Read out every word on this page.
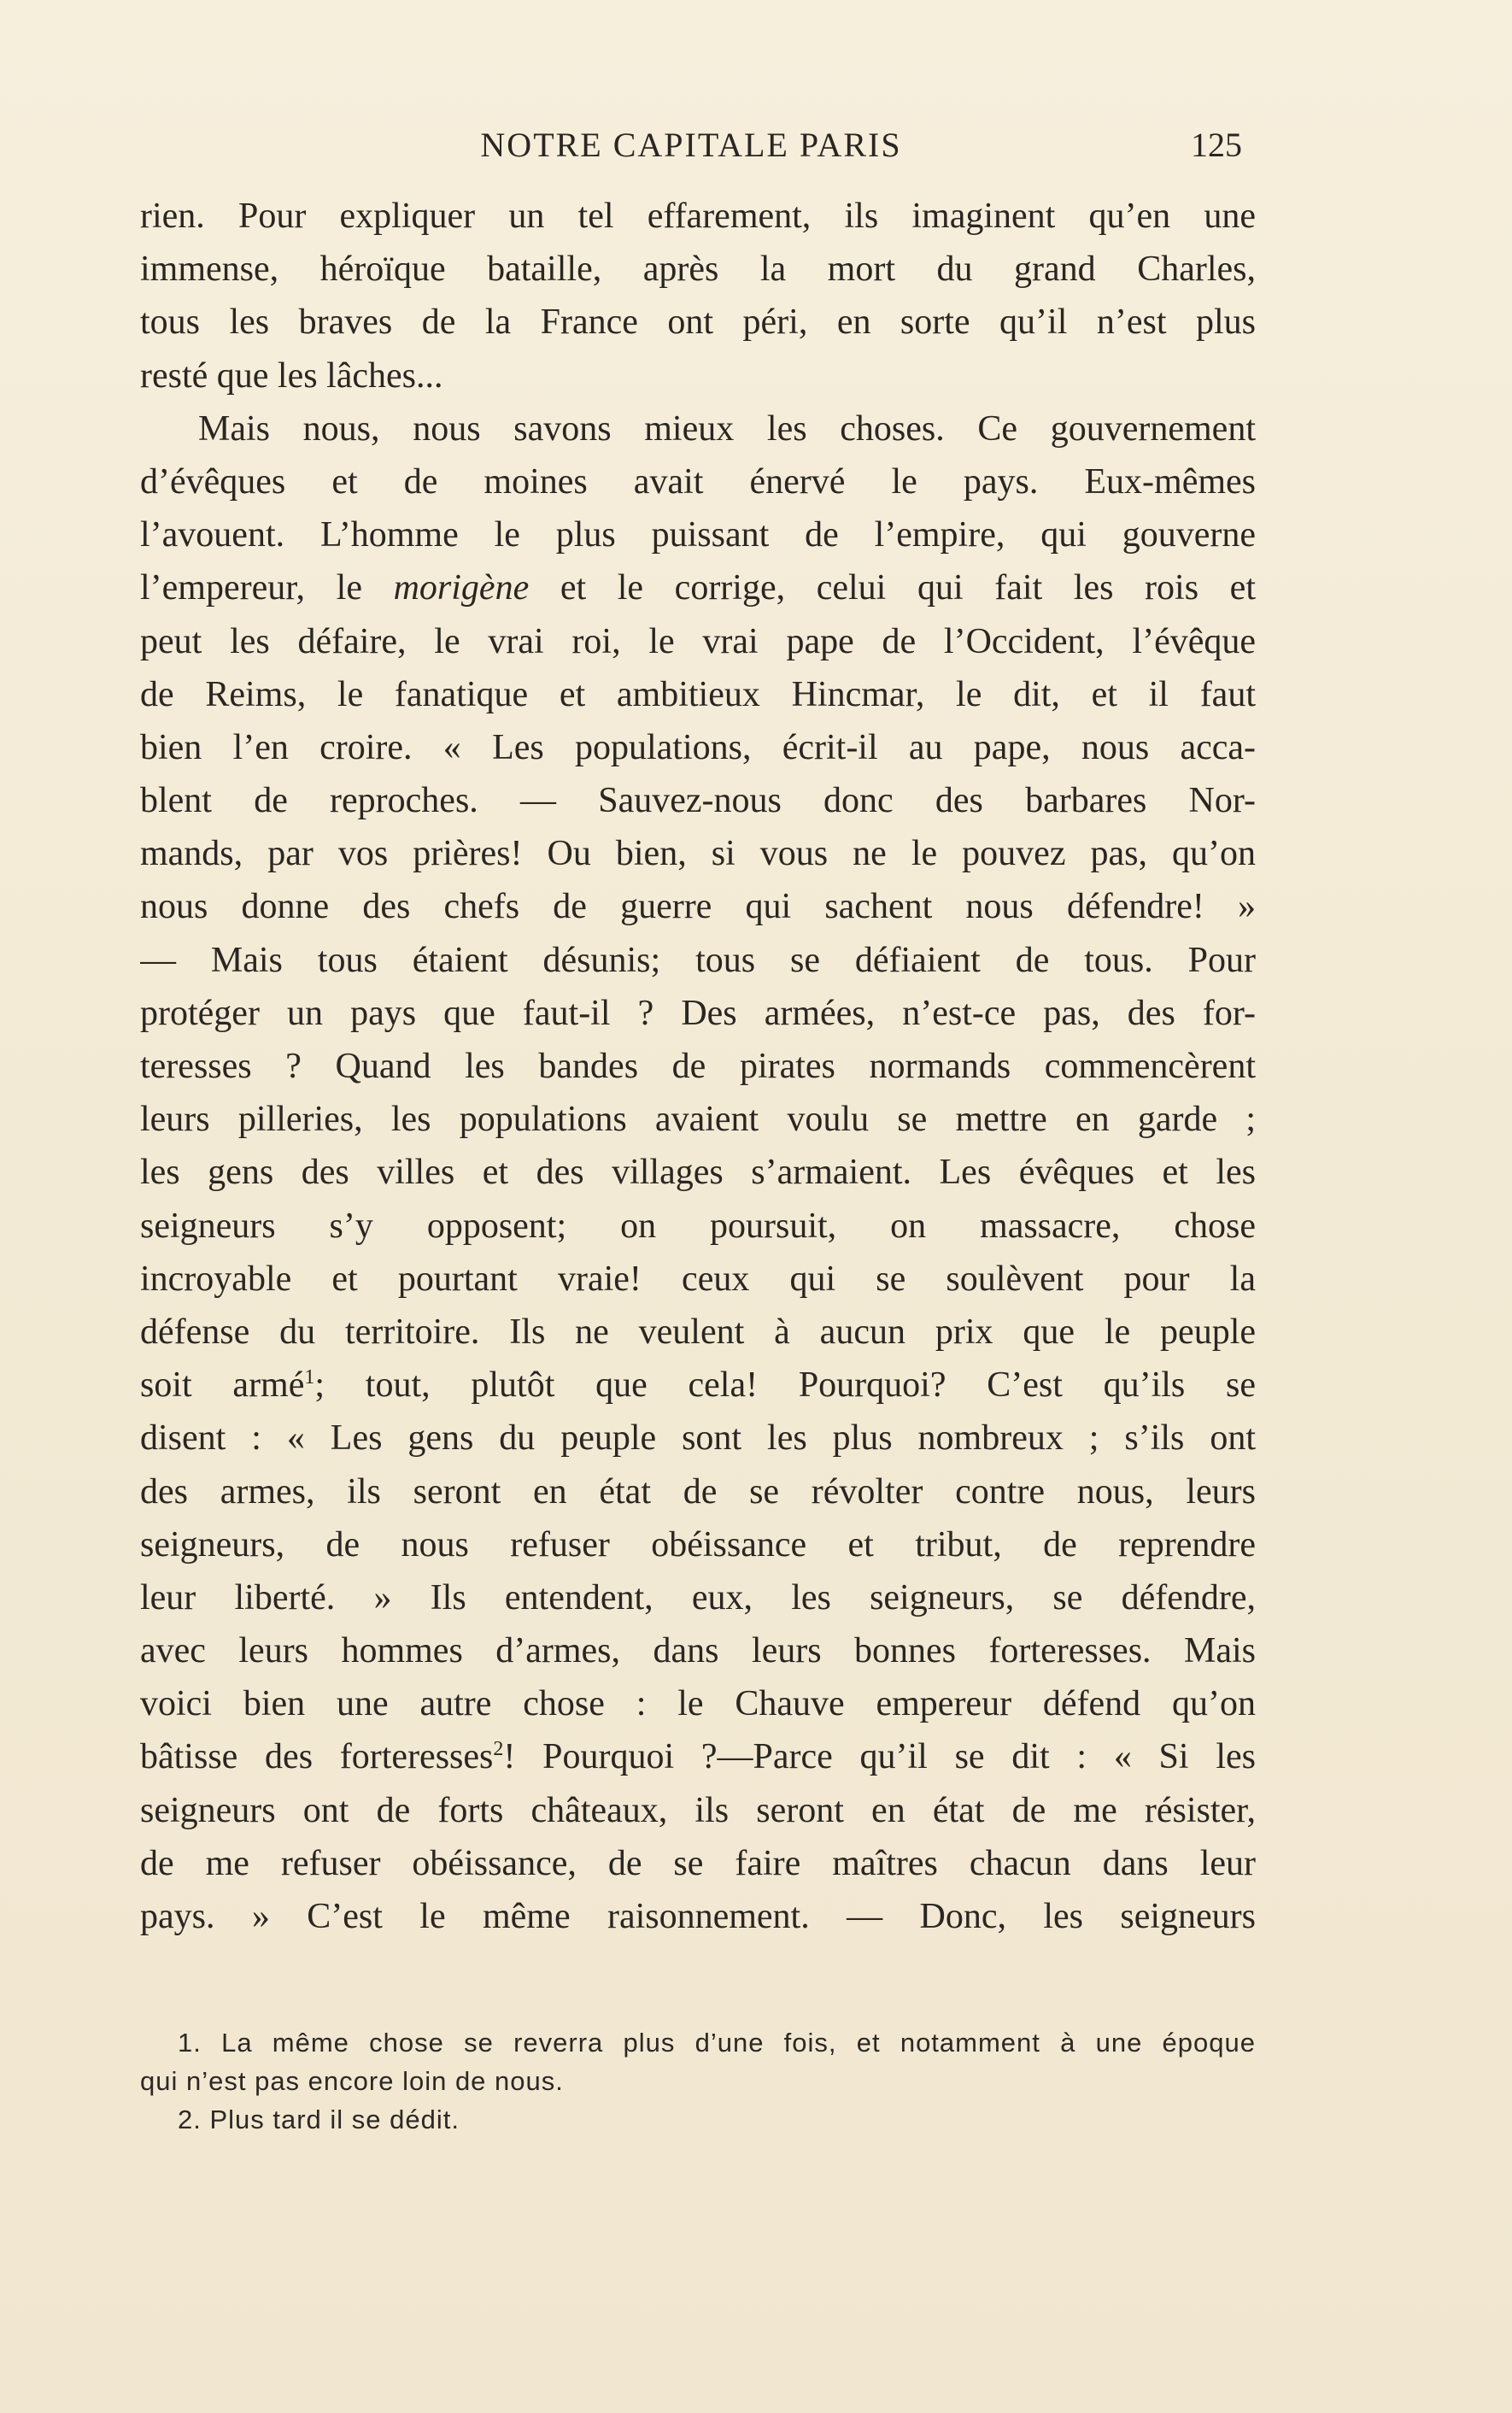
NOTRE CAPITALE PARIS	125
rien. Pour expliquer un tel effarement, ils imaginent qu’en une
immense, héroïque bataille, après la mort du grand Charles,
tous les braves de la France ont péri, en sorte qu’il n’est plus
resté que les lâches...
Mais nous, nous savons mieux les choses. Ce gouvernement
d’évêques et de moines avait énervé le pays. Eux-mêmes
l’avouent. L’homme le plus puissant de l’empire, qui gouverne
l’empereur, le morigène et le corrige, celui qui fait les rois et
peut les défaire, le vrai roi, le vrai pape de l’Occident, l’évêque
de Reims, le fanatique et ambitieux Hincmar, le dit, et il faut
bien l’en croire. « Les populations, écrit-il au pape, nous acca-
blent de reproches. — Sauvez-nous donc des barbares Nor-
mands, par vos prières! Ou bien, si vous ne le pouvez pas, qu’on
nous donne des chefs de guerre qui sachent nous défendre! »
— Mais tous étaient désunis; tous se défiaient de tous. Pour
protéger un pays que faut-il ? Des armées, n’est-ce pas, des for-
teresses ? Quand les bandes de pirates normands commencèrent
leurs pilleries, les populations avaient voulu se mettre en garde ;
les gens des villes et des villages s’armaient. Les évêques et les
seigneurs s’y opposent; on poursuit, on massacre, chose
incroyable et pourtant vraie! ceux qui se soulèvent pour la
défense du territoire. Ils ne veulent à aucun prix que le peuple
soit armé$^1$; tout, plutôt que cela! Pourquoi? C’est qu’ils se
disent : « Les gens du peuple sont les plus nombreux ; s’ils ont
des armes, ils seront en état de se révolter contre nous, leurs
seigneurs, de nous refuser obéissance et tribut, de reprendre
leur liberté. » Ils entendent, eux, les seigneurs, se défendre,
avec leurs hommes d’armes, dans leurs bonnes forteresses. Mais
voici bien une autre chose : le Chauve empereur défend qu’on
bâtisse des forteresses$^2$! Pourquoi ?—Parce qu’il se dit : « Si les
seigneurs ont de forts châteaux, ils seront en état de me résister,
de me refuser obéissance, de se faire maîtres chacun dans leur
pays. » C’est le même raisonnement. — Donc, les seigneurs
1. La même chose se reverra plus d’une fois, et notamment à une époque
qui n’est pas encore loin de nous.
2. Plus tard il se dédit.
